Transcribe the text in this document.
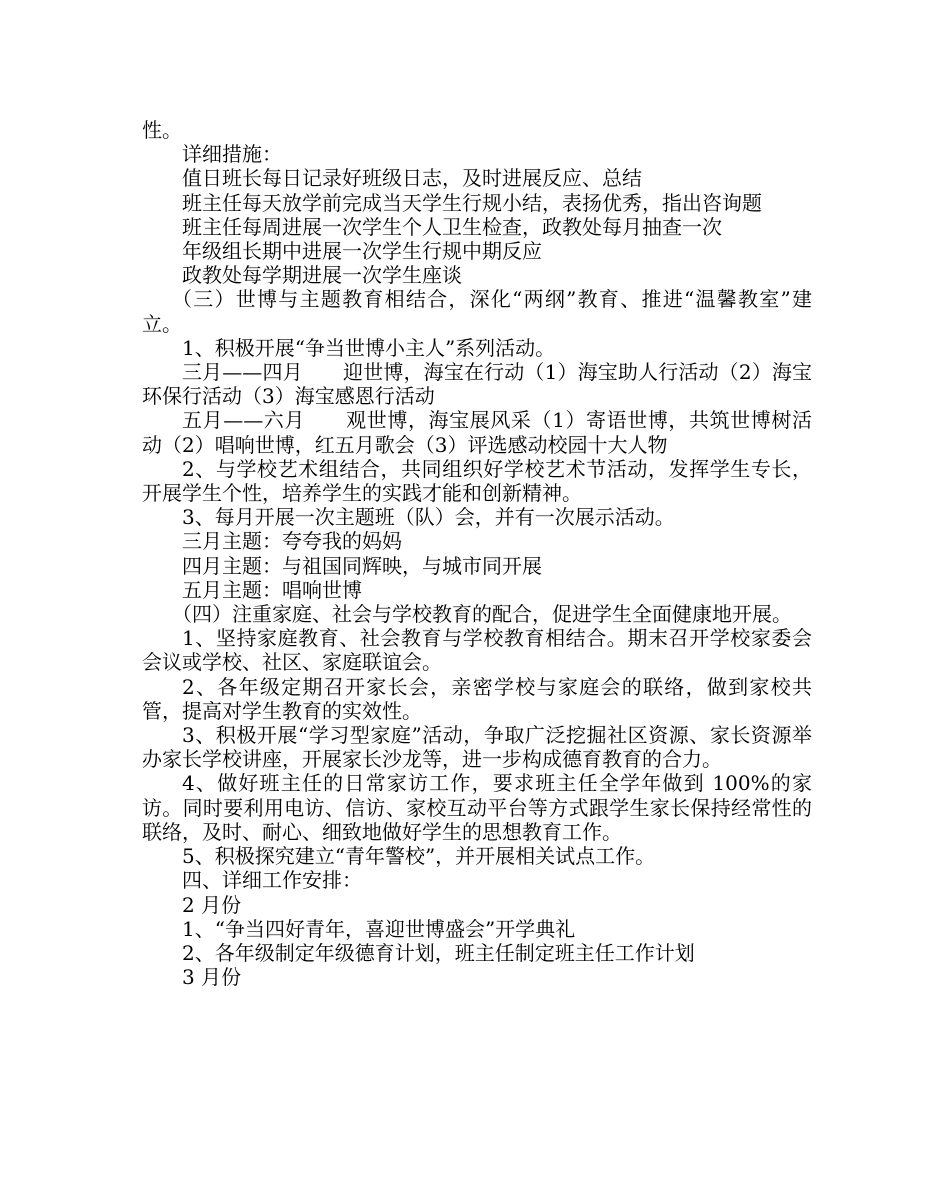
性。

详细措施：

值日班长每日记录好班级日志，及时进展反应、总结

班主任每天放学前完成当天学生行规小结，表扬优秀，指出咨询题

班主任每周进展一次学生个人卫生检查，政教处每月抽查一次

年级组长期中进展一次学生行规中期反应

政教处每学期进展一次学生座谈

（三）世博与主题教育相结合，深化“两纲”教育、推进“温馨教室”建立。

1、积极开展“争当世博小主人”系列活动。

三月——四月　　迎世博，海宝在行动（1）海宝助人行活动（2）海宝环保行活动（3）海宝感恩行活动

五月——六月　　观世博，海宝展风采（1）寄语世博，共筑世博树活动（2）唱响世博，红五月歌会（3）评选感动校园十大人物

2、与学校艺术组结合，共同组织好学校艺术节活动，发挥学生专长，开展学生个性，培养学生的实践才能和创新精神。

3、每月开展一次主题班（队）会，并有一次展示活动。

三月主题：夸夸我的妈妈

四月主题：与祖国同辉映，与城市同开展

五月主题：唱响世博

（四）注重家庭、社会与学校教育的配合，促进学生全面健康地开展。

1、坚持家庭教育、社会教育与学校教育相结合。期末召开学校家委会会议或学校、社区、家庭联谊会。

2、各年级定期召开家长会，亲密学校与家庭会的联络，做到家校共管，提高对学生教育的实效性。

3、积极开展“学习型家庭”活动，争取广泛挖掘社区资源、家长资源举办家长学校讲座，开展家长沙龙等，进一步构成德育教育的合力。

4、做好班主任的日常家访工作，要求班主任全学年做到 100%的家访。同时要利用电访、信访、家校互动平台等方式跟学生家长保持经常性的联络，及时、耐心、细致地做好学生的思想教育工作。

5、积极探究建立“青年警校”，并开展相关试点工作。

四、详细工作安排：

2 月份

1、“争当四好青年，喜迎世博盛会”开学典礼

2、各年级制定年级德育计划，班主任制定班主任工作计划

3 月份
